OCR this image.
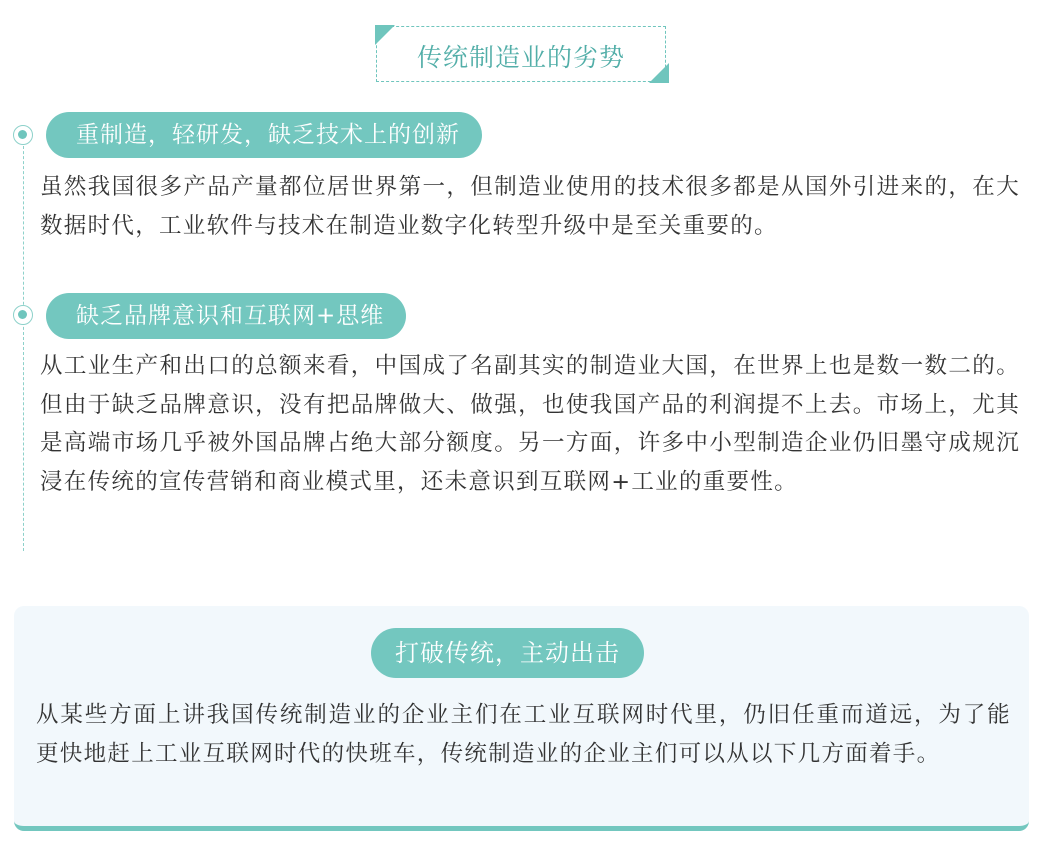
传统制造业的劣势
重制造，轻研发，缺乏技术上的创新
虽然我国很多产品产量都位居世界第一，但制造业使用的技术很多都是从国外引进来的，在大数据时代，工业软件与技术在制造业数字化转型升级中是至关重要的。
缺乏品牌意识和互联网+思维
从工业生产和出口的总额来看，中国成了名副其实的制造业大国，在世界上也是数一数二的。但由于缺乏品牌意识，没有把品牌做大、做强，也使我国产品的利润提不上去。市场上，尤其是高端市场几乎被外国品牌占绝大部分额度。另一方面，许多中小型制造企业仍旧墨守成规沉浸在传统的宣传营销和商业模式里，还未意识到互联网+工业的重要性。
打破传统，主动出击
从某些方面上讲我国传统制造业的企业主们在工业互联网时代里，仍旧任重而道远，为了能更快地赶上工业互联网时代的快班车，传统制造业的企业主们可以从以下几方面着手。
